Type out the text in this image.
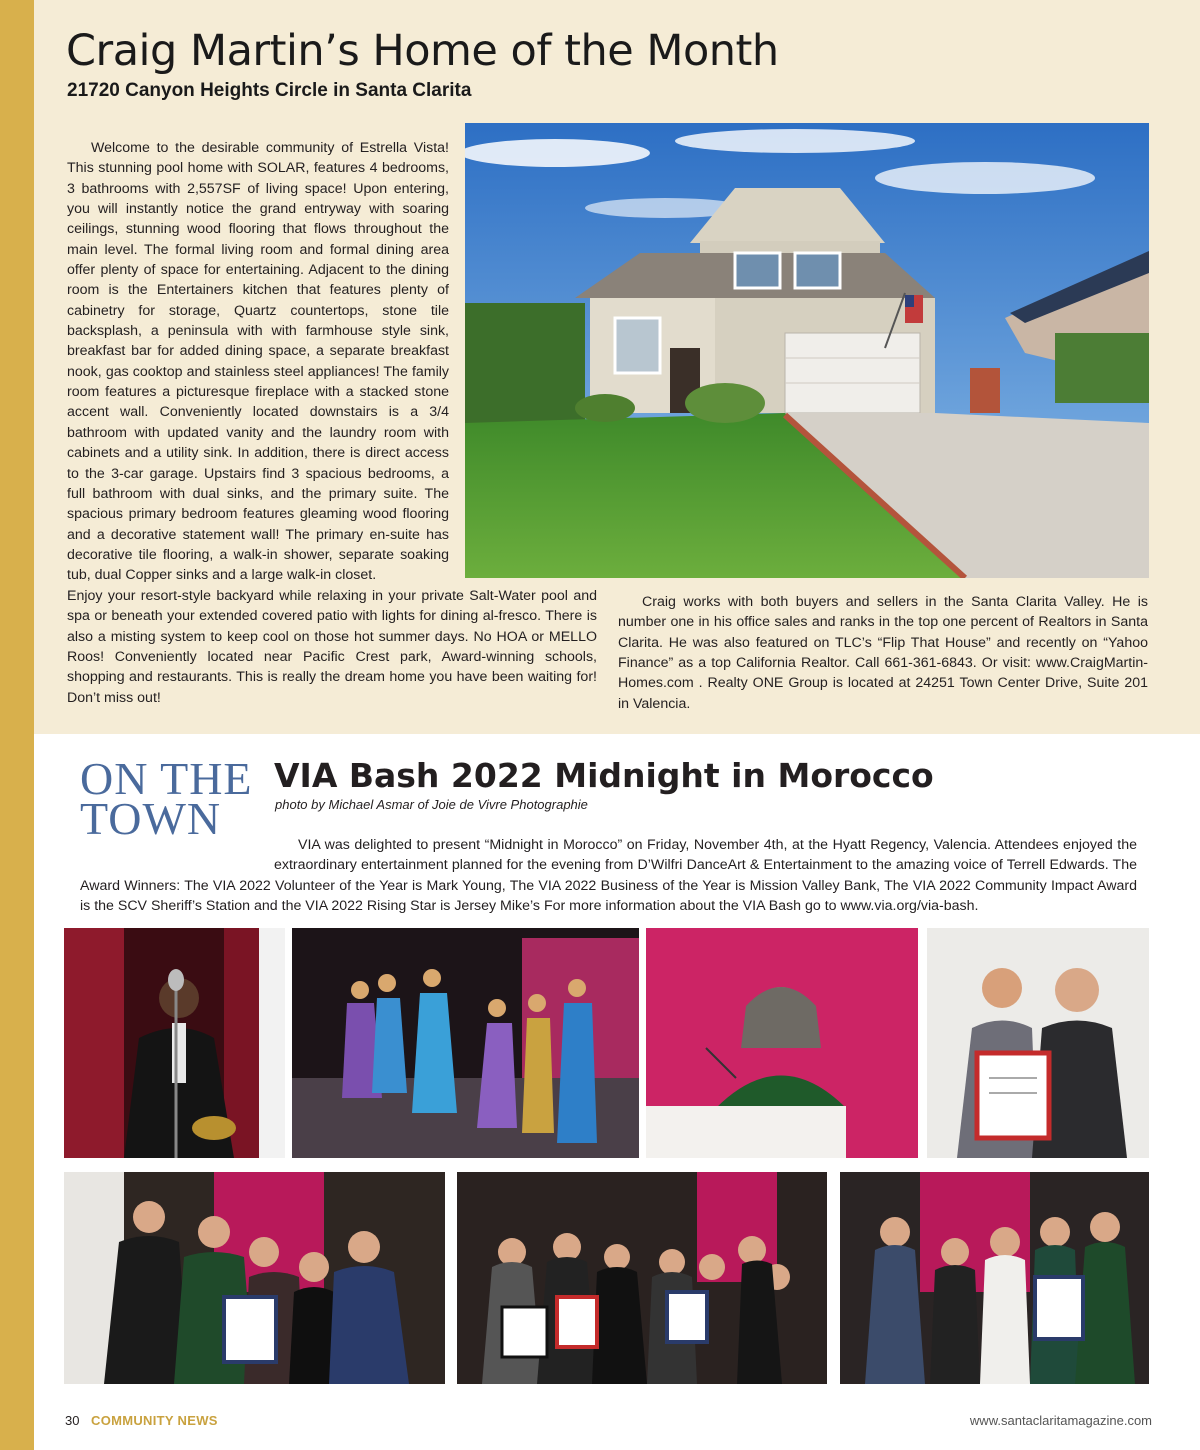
Craig Martin’s Home of the Month
21720 Canyon Heights Circle in Santa Clarita

Welcome to the desirable community of Estrella Vista! This stunning pool home with SOLAR, features 4 bedrooms, 3 bathrooms with 2,557SF of living space! Upon entering, you will instantly notice the grand entryway with soaring ceilings, stunning wood flooring that flows throughout the main level. The formal living room and formal dining area offer plenty of space for entertaining. Adjacent to the dining room is the Entertainers kitchen that features plenty of cabinetry for storage, Quartz countertops, stone tile backsplash, a peninsula with with farmhouse style sink, breakfast bar for added dining space, a separate breakfast nook, gas cooktop and stainless steel appliances! The family room features a picturesque fireplace with a stacked stone accent wall. Conveniently located downstairs is a 3/4 bathroom with updated vanity and the laundry room with cabinets and a utility sink. In addition, there is direct access to the 3-car garage. Upstairs find 3 spacious bedrooms, a full bathroom with dual sinks, and the primary suite. The spacious primary bedroom features gleaming wood flooring and a decorative statement wall! The primary en-suite has decorative tile flooring, a walk-in shower, separate soaking tub, dual Copper sinks and a large walk-in closet.

Enjoy your resort-style backyard while relaxing in your private Salt-Water pool and spa or beneath your extended covered patio with lights for dining al-fresco. There is also a misting system to keep cool on those hot summer days. No HOA or MELLO Roos! Conveniently located near Pacific Crest park, Award-winning schools, shopping and restaurants. This is really the dream home you have been waiting for! Don’t miss out!

Craig works with both buyers and sellers in the Santa Clarita Valley. He is number one in his office sales and ranks in the top one percent of Realtors in Santa Clarita. He was also featured on TLC’s “Flip That House” and recently on “Yahoo Finance” as a top California Realtor. Call 661-361-6843. Or visit: www.CraigMartin-Homes.com . Realty ONE Group is located at 24251 Town Center Drive, Suite 201 in Valencia.

ON THE
TOWN
VIA Bash 2022 Midnight in Morocco
photo by Michael Asmar of Joie de Vivre Photographie

VIA was delighted to present “Midnight in Morocco” on Friday, November 4th, at the Hyatt Regency, Valencia. Attendees enjoyed the extraordinary entertainment planned for the evening from D’Wilfri DanceArt & Entertainment to the amazing voice of Terrell Edwards. The Award Winners: The VIA 2022 Volunteer of the Year is Mark Young, The VIA 2022 Business of the Year is Mission Valley Bank, The VIA 2022 Community Impact Award is the SCV Sheriff’s Station and the VIA 2022 Rising Star is Jersey Mike’s For more information about the VIA Bash go to www.via.org/via-bash.

30 COMMUNITY NEWS	www.santaclaritamagazine.com
